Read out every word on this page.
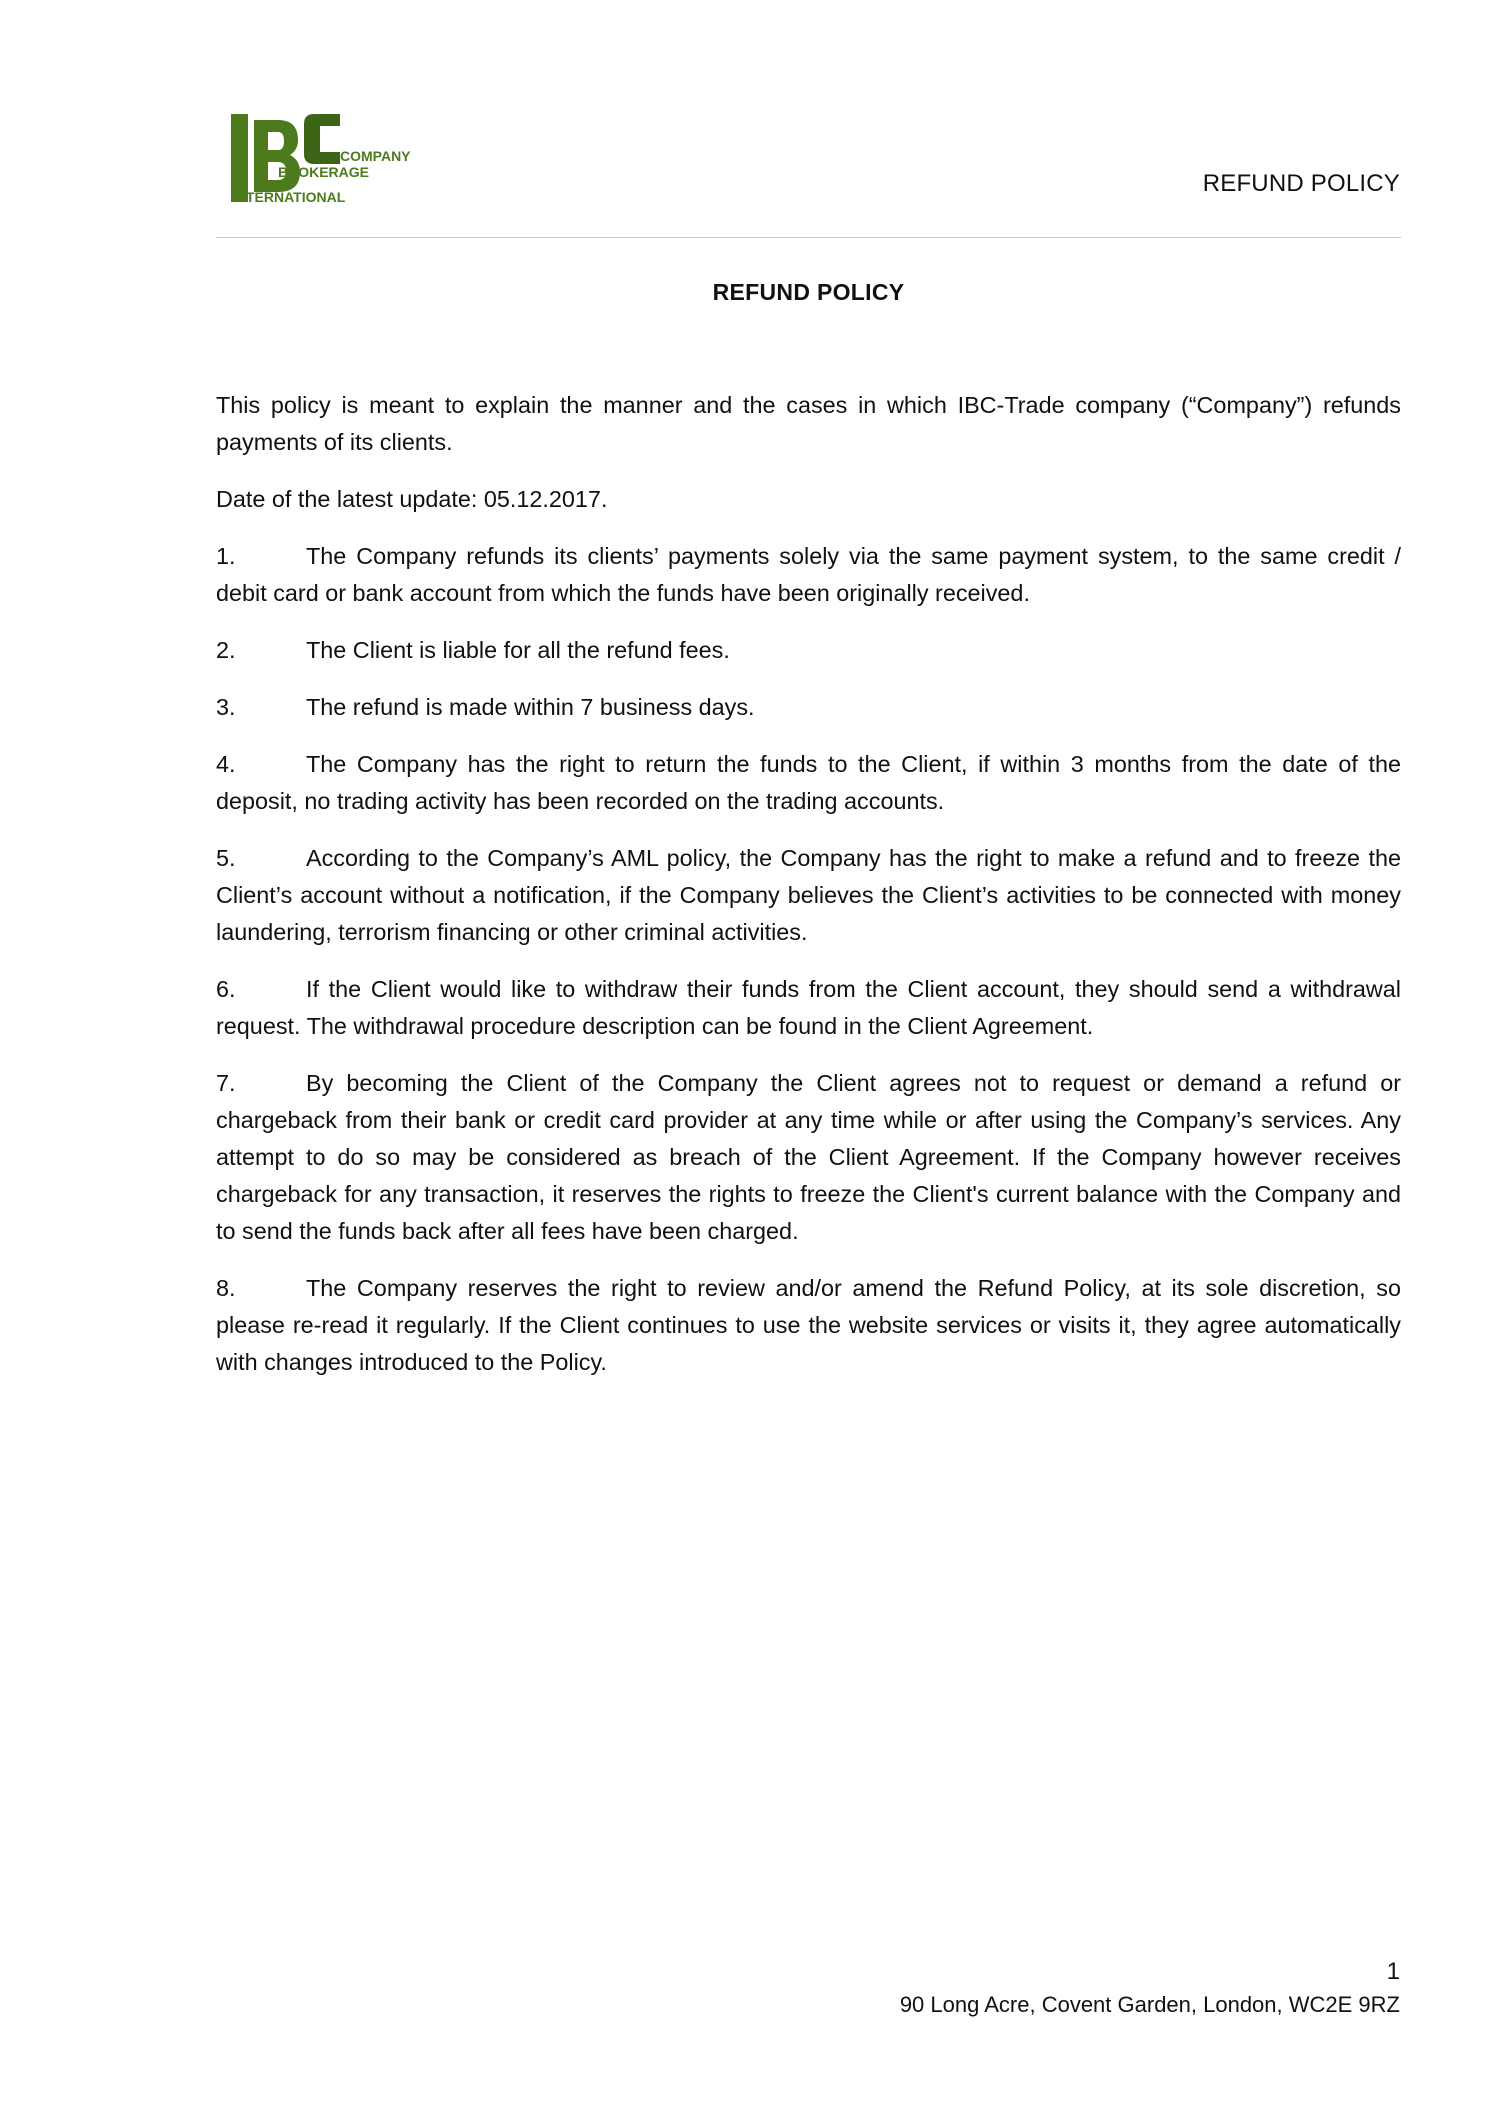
COMPANY
BROKERAGE
INTERNATIONAL	REFUND POLICY
REFUND POLICY

This policy is meant to explain the manner and the cases in which IBC-Trade company (“Company”) refunds payments of its clients.

Date of the latest update: 05.12.2017.

1.	The Company refunds its clients’ payments solely via the same payment system, to the same credit / debit card or bank account from which the funds have been originally received.

2.	The Client is liable for all the refund fees.

3.	The refund is made within 7 business days.

4.	The Company has the right to return the funds to the Client, if within 3 months from the date of the deposit, no trading activity has been recorded on the trading accounts.

5.	According to the Company’s AML policy, the Company has the right to make a refund and to freeze the Client’s account without a notification, if the Company believes the Client’s activities to be connected with money laundering, terrorism financing or other criminal activities.

6.	If the Client would like to withdraw their funds from the Client account, they should send a withdrawal request. The withdrawal procedure description can be found in the Client Agreement.

7.	By becoming the Client of the Company the Client agrees not to request or demand a refund or chargeback from their bank or credit card provider at any time while or after using the Company’s services. Any attempt to do so may be considered as breach of the Client Agreement. If the Company however receives chargeback for any transaction, it reserves the rights to freeze the Client's current balance with the Company and to send the funds back after all fees have been charged.

8.	The Company reserves the right to review and/or amend the Refund Policy, at its sole discretion, so please re-read it regularly. If the Client continues to use the website services or visits it, they agree automatically with changes introduced to the Policy.

1
90 Long Acre, Covent Garden, London, WC2E 9RZ
